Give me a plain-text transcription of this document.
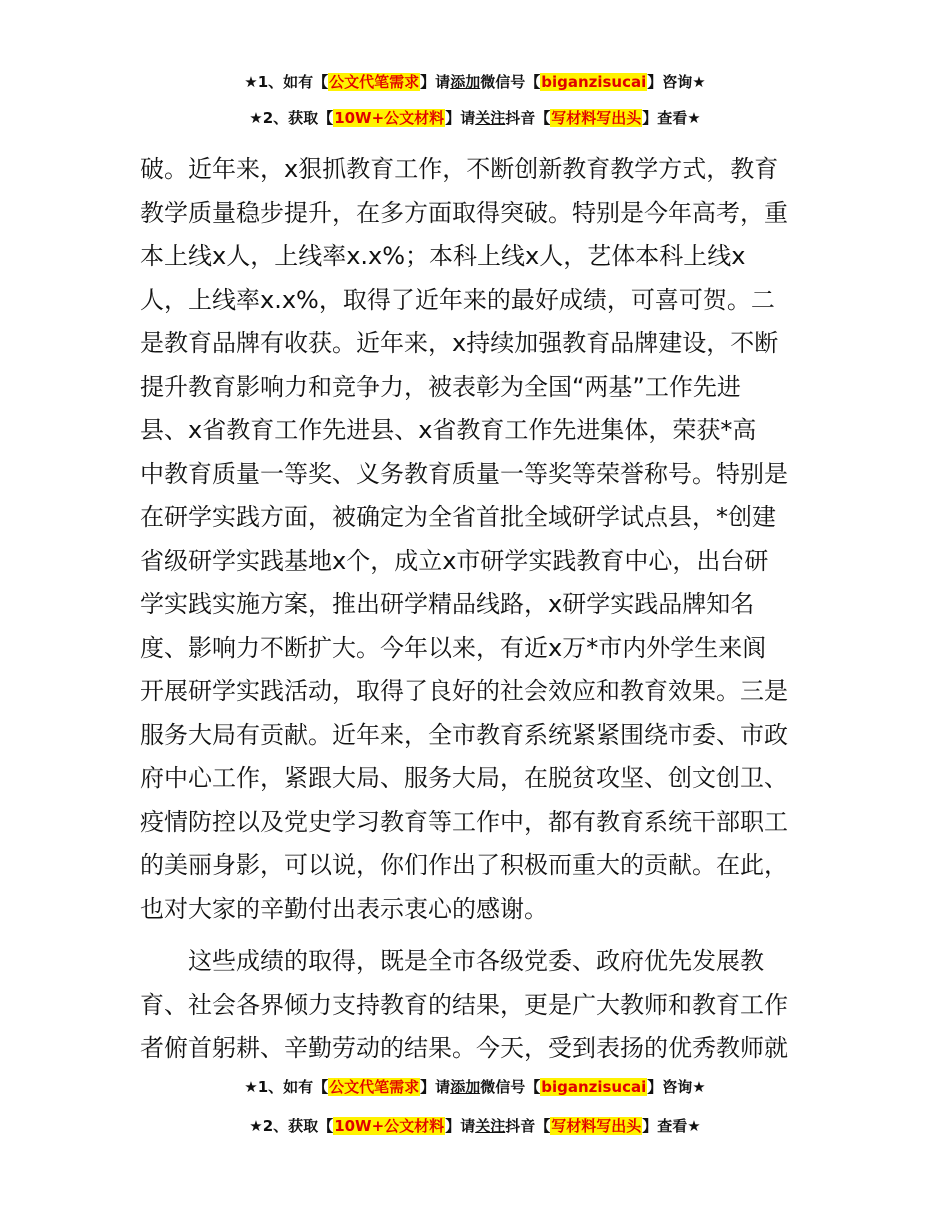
★1、如有【公文代笔需求】请添加微信号【biganzisucai】咨询★
★2、获取【10W+公文材料】请关注抖音【写材料写出头】查看★
破。近年来，x狠抓教育工作，不断创新教育教学方式，教育
教学质量稳步提升，在多方面取得突破。特别是今年高考，重
本上线x人，上线率x.x%；本科上线x人，艺体本科上线x
人，上线率x.x%，取得了近年来的最好成绩，可喜可贺。二
是教育品牌有收获。近年来，x持续加强教育品牌建设，不断
提升教育影响力和竞争力，被表彰为全国“两基”工作先进
县、x省教育工作先进县、x省教育工作先进集体，荣获*高
中教育质量一等奖、义务教育质量一等奖等荣誉称号。特别是
在研学实践方面，被确定为全省首批全域研学试点县，*创建
省级研学实践基地x个，成立x市研学实践教育中心，出台研
学实践实施方案，推出研学精品线路，x研学实践品牌知名
度、影响力不断扩大。今年以来，有近x万*市内外学生来阆
开展研学实践活动，取得了良好的社会效应和教育效果。三是
服务大局有贡献。近年来，全市教育系统紧紧围绕市委、市政
府中心工作，紧跟大局、服务大局，在脱贫攻坚、创文创卫、
疫情防控以及党史学习教育等工作中，都有教育系统干部职工
的美丽身影，可以说，你们作出了积极而重大的贡献。在此，
也对大家的辛勤付出表示衷心的感谢。
　　这些成绩的取得，既是全市各级党委、政府优先发展教
育、社会各界倾力支持教育的结果，更是广大教师和教育工作
者俯首躬耕、辛勤劳动的结果。今天，受到表扬的优秀教师就
★1、如有【公文代笔需求】请添加微信号【biganzisucai】咨询★
★2、获取【10W+公文材料】请关注抖音【写材料写出头】查看★
